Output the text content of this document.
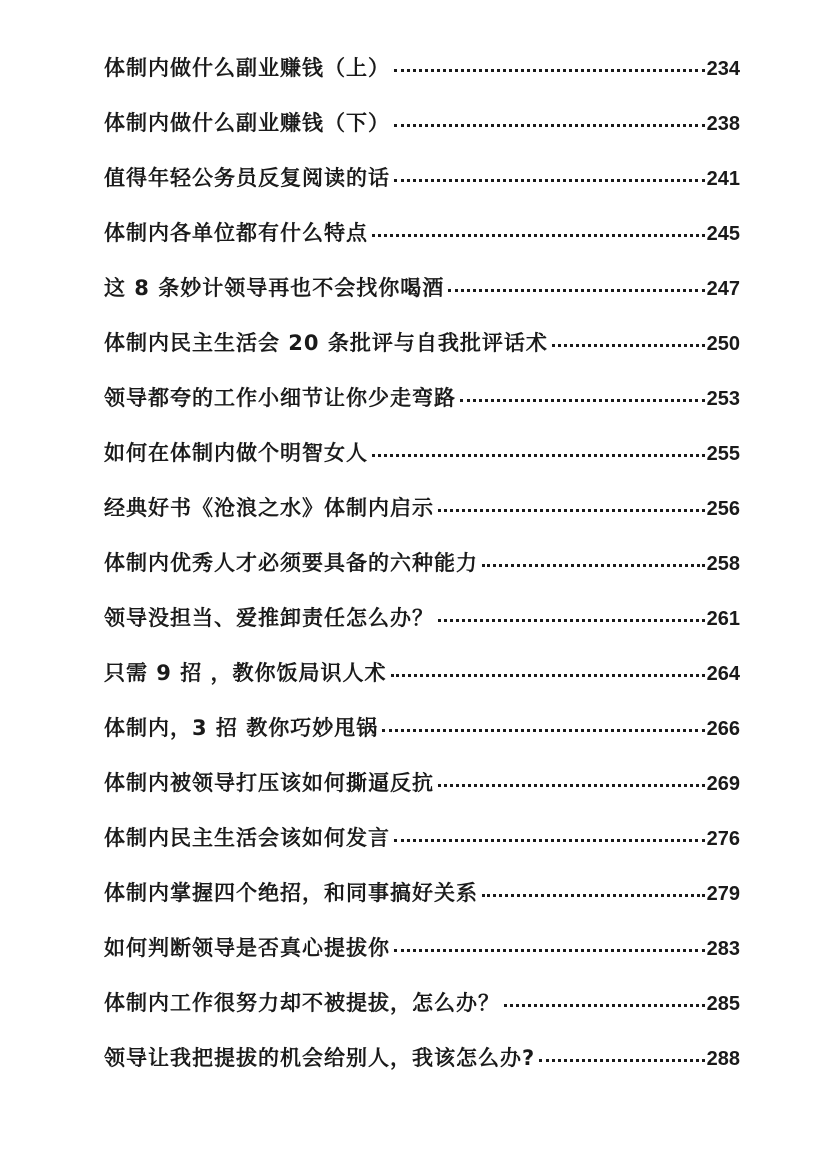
体制内做什么副业赚钱（上）	234
体制内做什么副业赚钱（下）	238
值得年轻公务员反复阅读的话	241
体制内各单位都有什么特点	245
这 8 条妙计领导再也不会找你喝酒	247
体制内民主生活会 20 条批评与自我批评话术	250
领导都夸的工作小细节让你少走弯路	253
如何在体制内做个明智女人	255
经典好书《沧浪之水》体制内启示	256
体制内优秀人才必须要具备的六种能力	258
领导没担当、爱推卸责任怎么办？	261
只需 9 招 ，教你饭局识人术	264
体制内，3 招 教你巧妙甩锅	266
体制内被领导打压该如何撕逼反抗	269
体制内民主生活会该如何发言	276
体制内掌握四个绝招，和同事搞好关系	279
如何判断领导是否真心提拔你	283
体制内工作很努力却不被提拔，怎么办？	285
领导让我把提拔的机会给别人，我该怎么办?	288
